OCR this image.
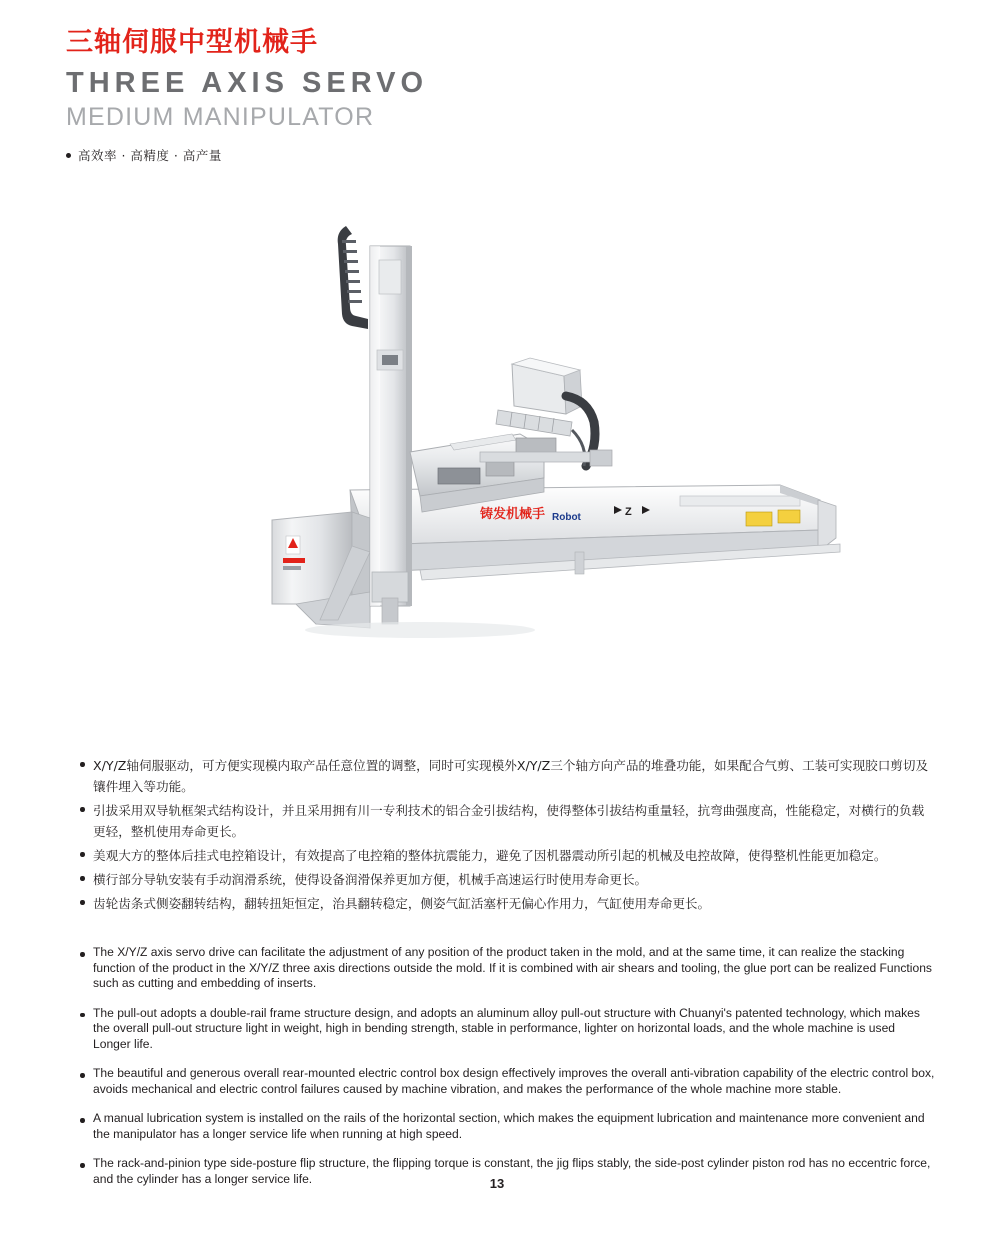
三轴伺服中型机械手
THREE AXIS SERVO
MEDIUM MANIPULATOR
高效率 · 高精度 · 高产量
铸发机械手 Robot	Z
X/Y/Z轴伺服驱动，可方便实现模内取产品任意位置的调整，同时可实现模外X/Y/Z三个轴方向产品的堆叠功能，如果配合气剪、工装可实现胶口剪切及镶件埋入等功能。
引拔采用双导轨框架式结构设计，并且采用拥有川一专利技术的铝合金引拔结构，使得整体引拔结构重量轻，抗弯曲强度高，性能稳定，对横行的负载更轻，整机使用寿命更长。
美观大方的整体后挂式电控箱设计，有效提高了电控箱的整体抗震能力，避免了因机器震动所引起的机械及电控故障，使得整机性能更加稳定。
横行部分导轨安装有手动润滑系统，使得设备润滑保养更加方便，机械手高速运行时使用寿命更长。
齿轮齿条式侧姿翻转结构，翻转扭矩恒定，治具翻转稳定，侧姿气缸活塞杆无偏心作用力，气缸使用寿命更长。
The X/Y/Z axis servo drive can facilitate the adjustment of any position of the product taken in the mold, and at the same time, it can realize the stacking function of the product in the X/Y/Z three axis directions outside the mold. If it is combined with air shears and tooling, the glue port can be realized Functions such as cutting and embedding of inserts.
The pull-out adopts a double-rail frame structure design, and adopts an aluminum alloy pull-out structure with Chuanyi's patented technology, which makes the overall pull-out structure light in weight, high in bending strength, stable in performance, lighter on horizontal loads, and the whole machine is used Longer life.
The beautiful and generous overall rear-mounted electric control box design effectively improves the overall anti-vibration capability of the electric control box, avoids mechanical and electric control failures caused by machine vibration, and makes the performance of the whole machine more stable.
A manual lubrication system is installed on the rails of the horizontal section, which makes the equipment lubrication and maintenance more convenient and the manipulator has a longer service life when running at high speed.
The rack-and-pinion type side-posture flip structure, the flipping torque is constant, the jig flips stably, the side-post cylinder piston rod has no eccentric force, and the cylinder has a longer service life.	13
